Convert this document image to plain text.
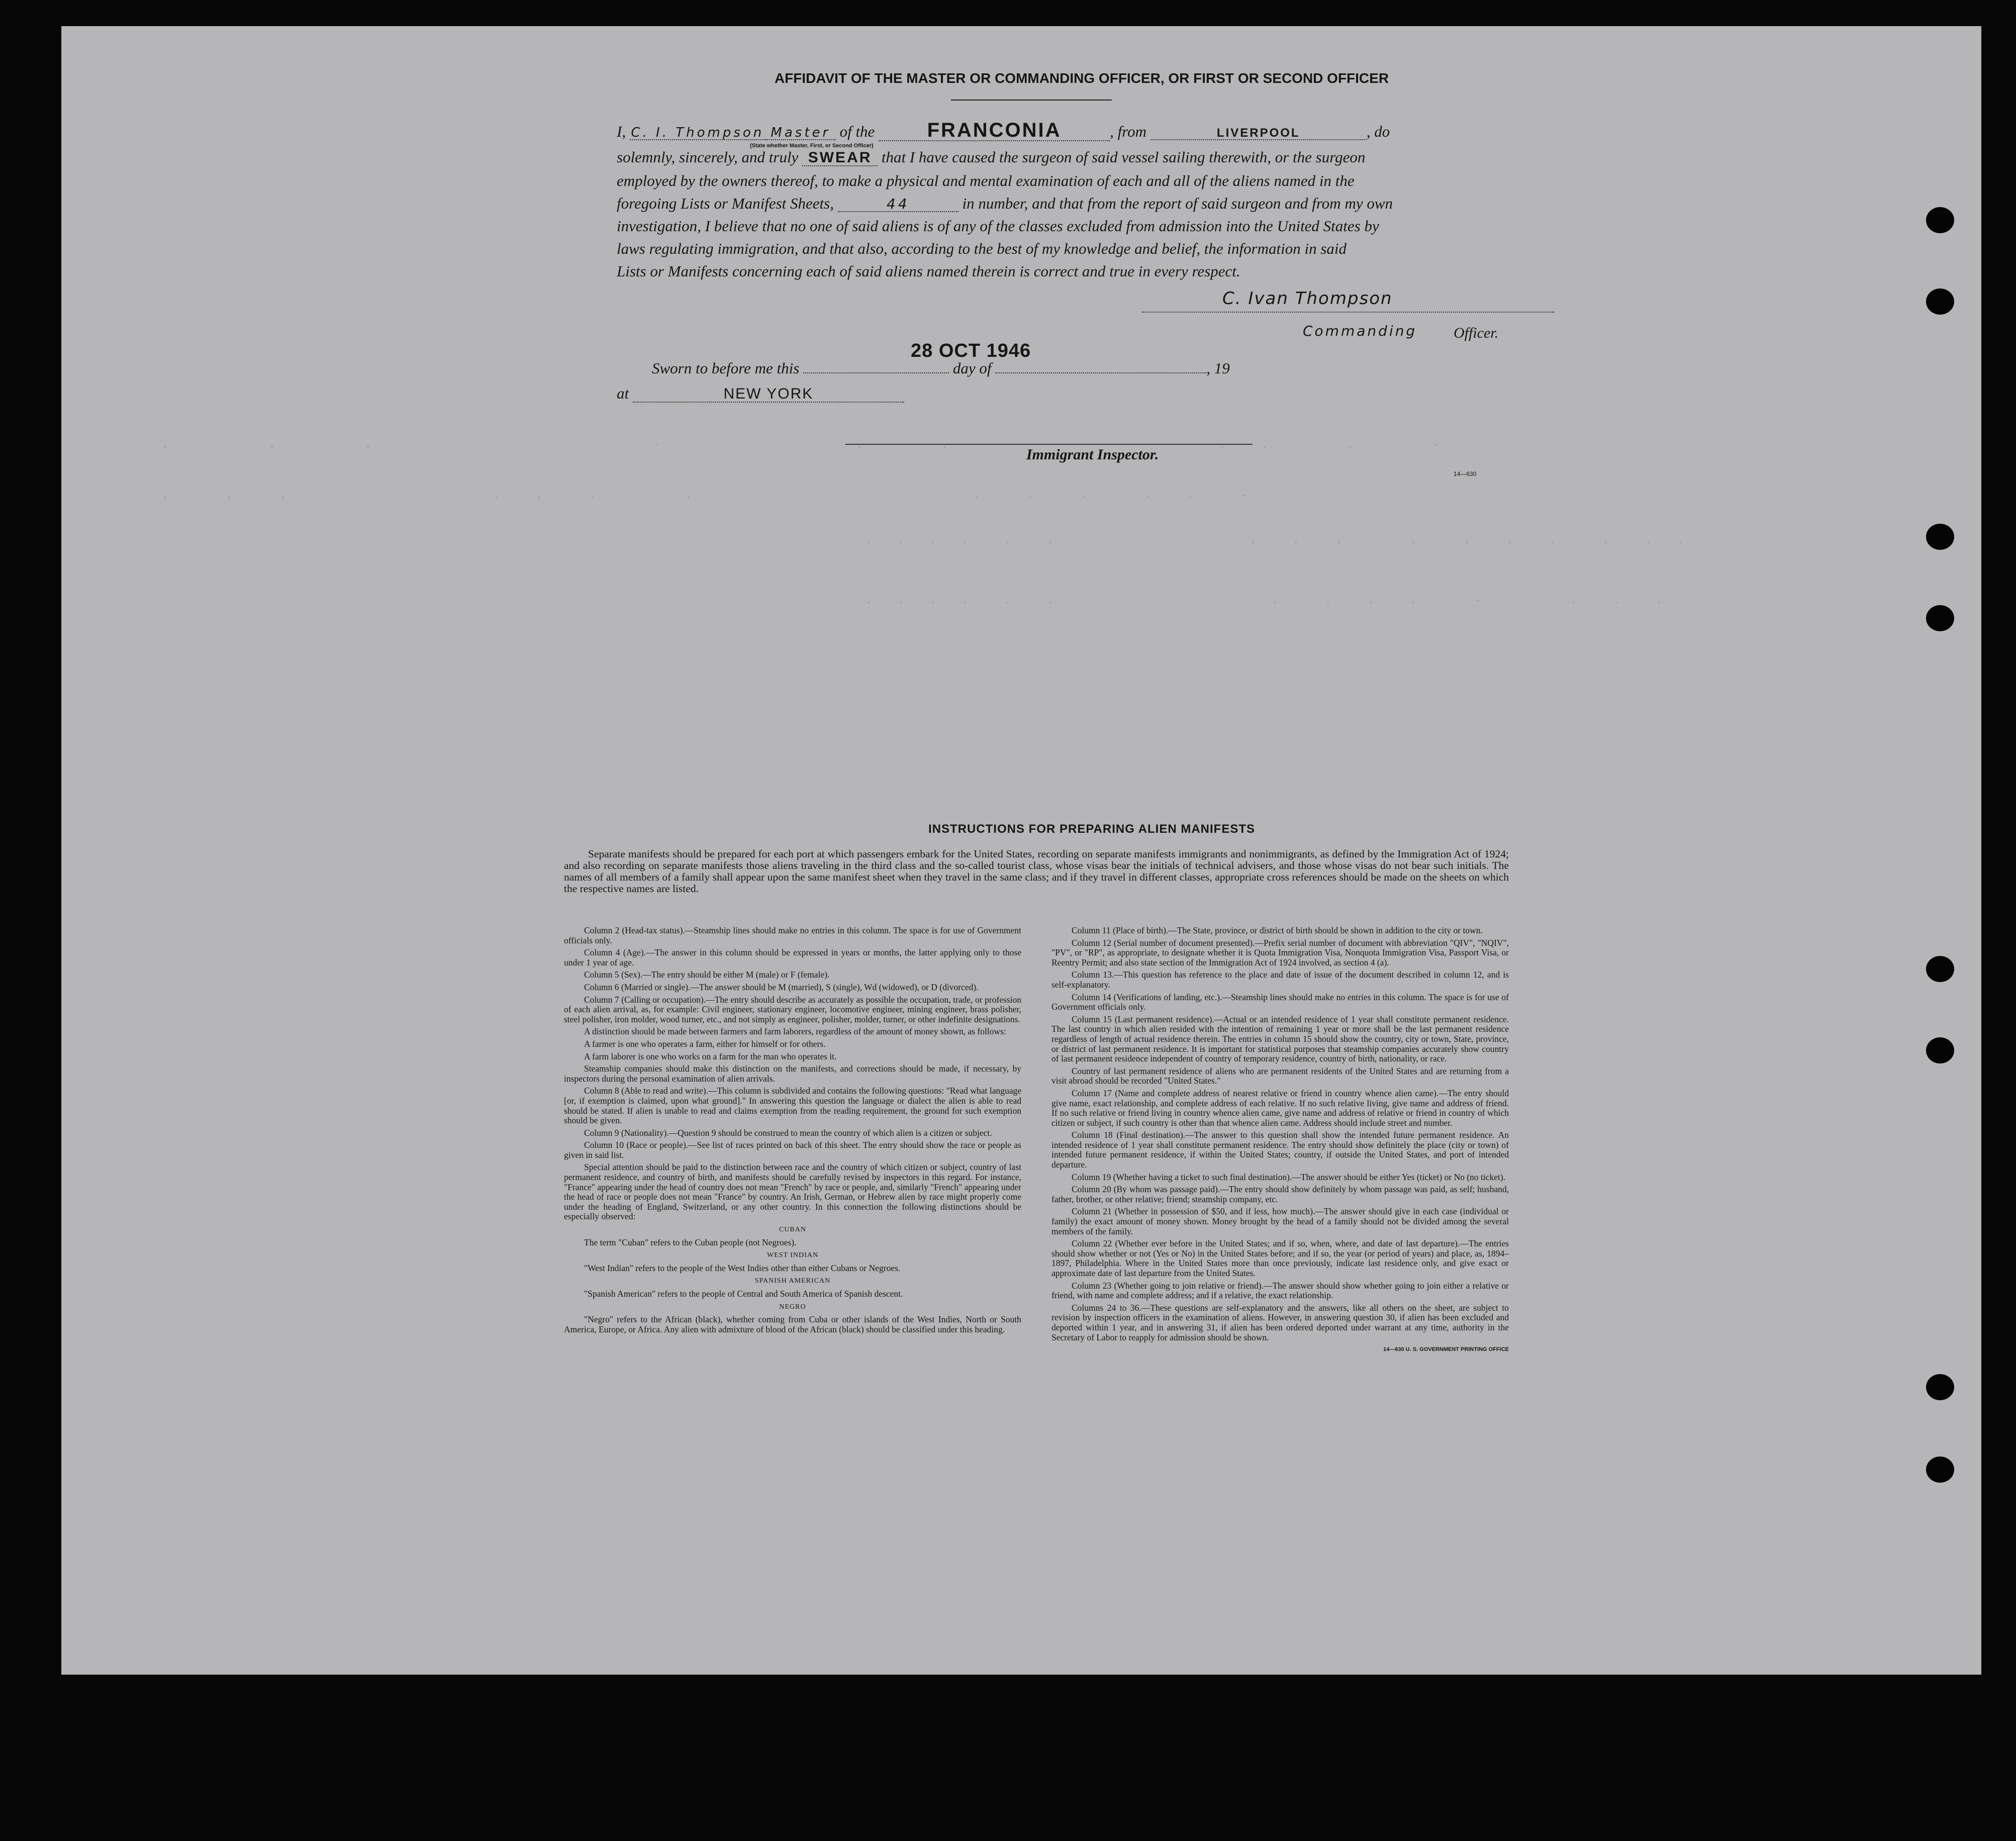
.         .        .                          -                  .       .                         .   .       .       -
.     .    .                   .   .    .        .                          .    .    .     .   .    -
.  .  .  .   .   .                  .   .   .      .    .   .   .    .   .  .
.  .  .  .   .   .                    .    .   .   .     -        .   .   .
AFFIDAVIT OF THE MASTER OR COMMANDING OFFICER, OR FIRST OR SECOND OFFICER
I, C. I. Thompson Master of the	FRANCONIA	, from	LIVERPOOL	, do
(State whether Master, First, or Second Officer)
solemnly, sincerely, and truly SWEAR that I have caused the surgeon of said vessel sailing therewith, or the surgeon
employed by the owners thereof, to make a physical and mental examination of each and all of the aliens named in the
foregoing Lists or Manifest Sheets,	44	in number, and that from the report of said surgeon and from my own
investigation, I believe that no one of said aliens is of any of the classes excluded from admission into the United States by
laws regulating immigration, and that also, according to the best of my knowledge and belief, the information in said
Lists or Manifests concerning each of said aliens named therein is correct and true in every respect.
C. Ivan Thompson
Commanding Officer.
28 OCT 1946
Sworn to before me this	day of	, 19
at	NEW YORK
Immigrant Inspector.
14—630
INSTRUCTIONS FOR PREPARING ALIEN MANIFESTS
Separate manifests should be prepared for each port at which passengers embark for the United States, recording on separate manifests immigrants and nonimmigrants, as defined by the Immigration Act of 1924; and also recording on separate manifests those aliens traveling in the third class and the so-called tourist class, whose visas bear the initials of technical advisers, and those whose visas do not bear such initials. The names of all members of a family shall appear upon the same manifest sheet when they travel in the same class; and if they travel in different classes, appropriate cross references should be made on the sheets on which the respective names are listed.

Column 2 (Head-tax status).—Steamship lines should make no entries in this column. The space is for use of Government officials only.

Column 4 (Age).—The answer in this column should be expressed in years or months, the latter applying only to those under 1 year of age.

Column 5 (Sex).—The entry should be either M (male) or F (female).

Column 6 (Married or single).—The answer should be M (married), S (single), Wd (widowed), or D (divorced).

Column 7 (Calling or occupation).—The entry should describe as accurately as possible the occupation, trade, or profession of each alien arrival, as, for example: Civil engineer, stationary engineer, locomotive engineer, mining engineer, brass polisher, steel polisher, iron molder, wood turner, etc., and not simply as engineer, polisher, molder, turner, or other indefinite designations.

A distinction should be made between farmers and farm laborers, regardless of the amount of money shown, as follows:

A farmer is one who operates a farm, either for himself or for others.

A farm laborer is one who works on a farm for the man who operates it.

Steamship companies should make this distinction on the manifests, and corrections should be made, if necessary, by inspectors during the personal examination of alien arrivals.

Column 8 (Able to read and write).—This column is subdivided and contains the following questions: "Read what language [or, if exemption is claimed, upon what ground]." In answering this question the language or dialect the alien is able to read should be stated. If alien is unable to read and claims exemption from the reading requirement, the ground for such exemption should be given.

Column 9 (Nationality).—Question 9 should be construed to mean the country of which alien is a citizen or subject.

Column 10 (Race or people).—See list of races printed on back of this sheet. The entry should show the race or people as given in said list.

Special attention should be paid to the distinction between race and the country of which citizen or subject, country of last permanent residence, and country of birth, and manifests should be carefully revised by inspectors in this regard. For instance, "France" appearing under the head of country does not mean "French" by race or people, and, similarly "French" appearing under the head of race or people does not mean "France" by country. An Irish, German, or Hebrew alien by race might properly come under the heading of England, Switzerland, or any other country. In this connection the following distinctions should be especially observed:

CUBAN

The term "Cuban" refers to the Cuban people (not Negroes).

WEST INDIAN

"West Indian" refers to the people of the West Indies other than either Cubans or Negroes.

SPANISH AMERICAN

"Spanish American" refers to the people of Central and South America of Spanish descent.

NEGRO

"Negro" refers to the African (black), whether coming from Cuba or other islands of the West Indies, North or South America, Europe, or Africa. Any alien with admixture of blood of the African (black) should be classified under this heading.

Column 11 (Place of birth).—The State, province, or district of birth should be shown in addition to the city or town.

Column 12 (Serial number of document presented).—Prefix serial number of document with abbreviation "QIV", "NQIV", "PV", or "RP", as appropriate, to designate whether it is Quota Immigration Visa, Nonquota Immigration Visa, Passport Visa, or Reentry Permit; and also state section of the Immigration Act of 1924 involved, as section 4 (a).

Column 13.—This question has reference to the place and date of issue of the document described in column 12, and is self-explanatory.

Column 14 (Verifications of landing, etc.).—Steamship lines should make no entries in this column. The space is for use of Government officials only.

Column 15 (Last permanent residence).—Actual or an intended residence of 1 year shall constitute permanent residence. The last country in which alien resided with the intention of remaining 1 year or more shall be the last permanent residence regardless of length of actual residence therein. The entries in column 15 should show the country, city or town, State, province, or district of last permanent residence. It is important for statistical purposes that steamship companies accurately show country of last permanent residence independent of country of temporary residence, country of birth, nationality, or race.

Country of last permanent residence of aliens who are permanent residents of the United States and are returning from a visit abroad should be recorded "United States."

Column 17 (Name and complete address of nearest relative or friend in country whence alien came).—The entry should give name, exact relationship, and complete address of each relative. If no such relative living, give name and address of friend. If no such relative or friend living in country whence alien came, give name and address of relative or friend in country of which citizen or subject, if such country is other than that whence alien came. Address should include street and number.

Column 18 (Final destination).—The answer to this question shall show the intended future permanent residence. An intended residence of 1 year shall constitute permanent residence. The entry should show definitely the place (city or town) of intended future permanent residence, if within the United States; country, if outside the United States, and port of intended departure.

Column 19 (Whether having a ticket to such final destination).—The answer should be either Yes (ticket) or No (no ticket).

Column 20 (By whom was passage paid).—The entry should show definitely by whom passage was paid, as self; husband, father, brother, or other relative; friend; steamship company, etc.

Column 21 (Whether in possession of $50, and if less, how much).—The answer should give in each case (individual or family) the exact amount of money shown. Money brought by the head of a family should not be divided among the several members of the family.

Column 22 (Whether ever before in the United States; and if so, when, where, and date of last departure).—The entries should show whether or not (Yes or No) in the United States before; and if so, the year (or period of years) and place, as, 1894–1897, Philadelphia. Where in the United States more than once previously, indicate last residence only, and give exact or approximate date of last departure from the United States.

Column 23 (Whether going to join relative or friend).—The answer should show whether going to join either a relative or friend, with name and complete address; and if a relative, the exact relationship.

Columns 24 to 36.—These questions are self-explanatory and the answers, like all others on the sheet, are subject to revision by inspection officers in the examination of aliens. However, in answering question 30, if alien has been excluded and deported within 1 year, and in answering 31, if alien has been ordered deported under warrant at any time, authority in the Secretary of Labor to reapply for admission should be shown.

14—630 U. S. GOVERNMENT PRINTING OFFICE
